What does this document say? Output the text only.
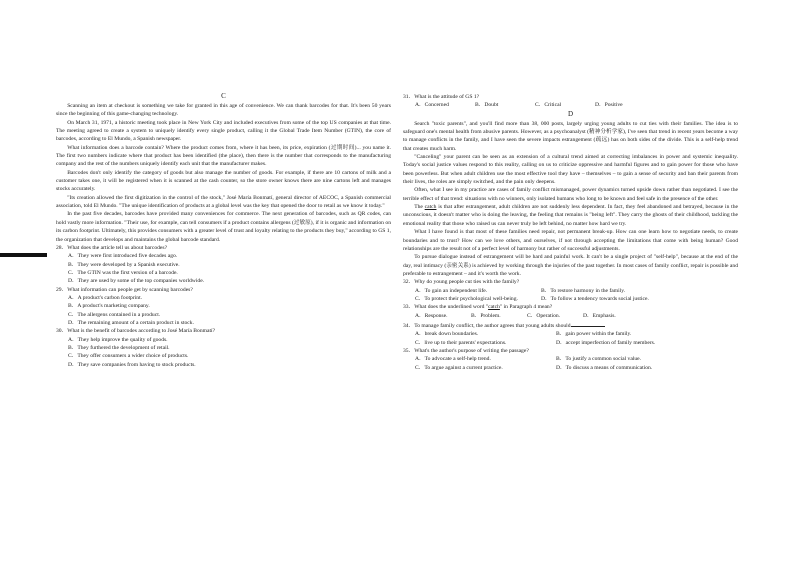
C

Scanning an item at checkout is something we take for granted in this age of convenience. We can thank barcodes for that. It's been 50 years since the beginning of this game-changing technology.

On March 31, 1971, a historic meeting took place in New York City and included executives from some of the top US companies at that time. The meeting agreed to create a system to uniquely identify every single product, calling it the Global Trade Item Number (GTIN), the core of barcodes, according to El Mundo, a Spanish newspaper.

What information does a barcode contain? Where the product comes from, where it has been, its price, expiration (过期时间)... you name it. The first two numbers indicate where that product has been identified (the place), then there is the number that corresponds to the manufacturing company and the rest of the numbers uniquely identify each unit that the manufacturer makes.

Barcodes don't only identify the category of goods but also manage the number of goods. For example, if there are 10 cartons of milk and a customer takes one, it will be registered when it is scanned at the cash counter, so the store owner knows there are nine cartons left and manages stocks accurately.

"Its creation allowed the first digitization in the control of the stock," José María Bonmatí, general director of AECOC, a Spanish commercial association, told El Mundo. "The unique identification of products at a global level was the key that opened the door to retail as we know it today."

In the past five decades, barcodes have provided many conveniences for commerce. The next generation of barcodes, such as QR codes, can hold vastly more information. "Their use, for example, can tell consumers if a product contains allergens (过敏原), if it is organic and information on its carbon footprint. Ultimately, this provides consumers with a greater level of trust and loyalty relating to the products they buy," according to GS 1, the organization that develops and maintains the global barcode standard.

28．What does the article tell us about barcodes?
A．They were first introduced five decades ago.
B．They were developed by a Spanish executive.
C．The GTIN was the first version of a barcode.
D．They are used by some of the top companies worldwide.
29．What information can people get by scanning barcodes?
A．A product's carbon footprint.
B．A product's marketing company.
C．The allergens contained in a product.
D．The remaining amount of a certain product in stock.
30．What is the benefit of barcodes according to José María Bonmatí?
A．They help improve the quality of goods.
B．They furthered the development of retail.
C．They offer consumers a wider choice of products.
D．They save companies from having to stock products.
31．What is the attitude of GS 1?
A．Concerned	B．Doubt	C．Critical	D．Positive
D

Search "toxic parents", and you'll find more than 38, 000 posts, largely urging young adults to cut ties with their families. The idea is to safeguard one's mental health from abusive parents. However, as a psychoanalyst (精神分析学家), I've seen that trend in recent years become a way to manage conflicts in the family, and I have seen the severe impacts estrangement (疏远) has on both sides of the divide. This is a self-help trend that creates much harm.

"Canceling" your parent can be seen as an extension of a cultural trend aimed at correcting imbalances in power and systemic inequality. Today's social justice values respond to this reality, calling on us to criticize oppressive and harmful figures and to gain power for those who have been powerless. But when adult children use the most effective tool they have – themselves – to gain a sense of security and ban their parents from their lives, the roles are simply switched, and the pain only deepens.

Often, what I see in my practice are cases of family conflict mismanaged, power dynamics turned upside down rather than negotiated. I see the terrible effect of that trend: situations with no winners, only isolated humans who long to be known and feel safe in the presence of the other.

The catch is that after estrangement, adult children are not suddenly less dependent. In fact, they feel abandoned and betrayed, because in the unconscious, it doesn't matter who is doing the leaving, the feeling that remains is "being left". They carry the ghosts of their childhood, tackling the emotional reality that those who raised us can never truly be left behind, no matter how hard we try.

What I have found is that most of these families need repair, not permanent break-up. How can one learn how to negotiate needs, to create boundaries and to trust? How can we love others, and ourselves, if not through accepting the limitations that come with being human? Good relationships are the result not of a perfect level of harmony but rather of successful adjustments.

To pursue dialogue instead of estrangement will be hard and painful work. It can't be a single project of "self-help", because at the end of the day, real intimacy (亲密关系) is achieved by working through the injuries of the past together. In most cases of family conflict, repair is possible and preferable to estrangement – and it's worth the work.

32．Why do young people cut ties with the family?
A．To gain an independent life.	B．To restore harmony in the family.
C．To protect their psychological well-being.	D．To follow a tendency towards social justice.
33．What does the underlined word "catch" in Paragraph 4 mean?
A．Response.	B．Problem.	C．Operation.	D．Emphasis.
34．To manage family conflict, the author agrees that young adults should
A．break down boundaries.	B．gain power within the family.
C．live up to their parents' expectations.	D．accept imperfection of family members.
35．What's the author's purpose of writing the passage?
A．To advocate a self-help trend.	B．To justify a common social value.
C．To argue against a current practice.	D．To discuss a means of communication.
